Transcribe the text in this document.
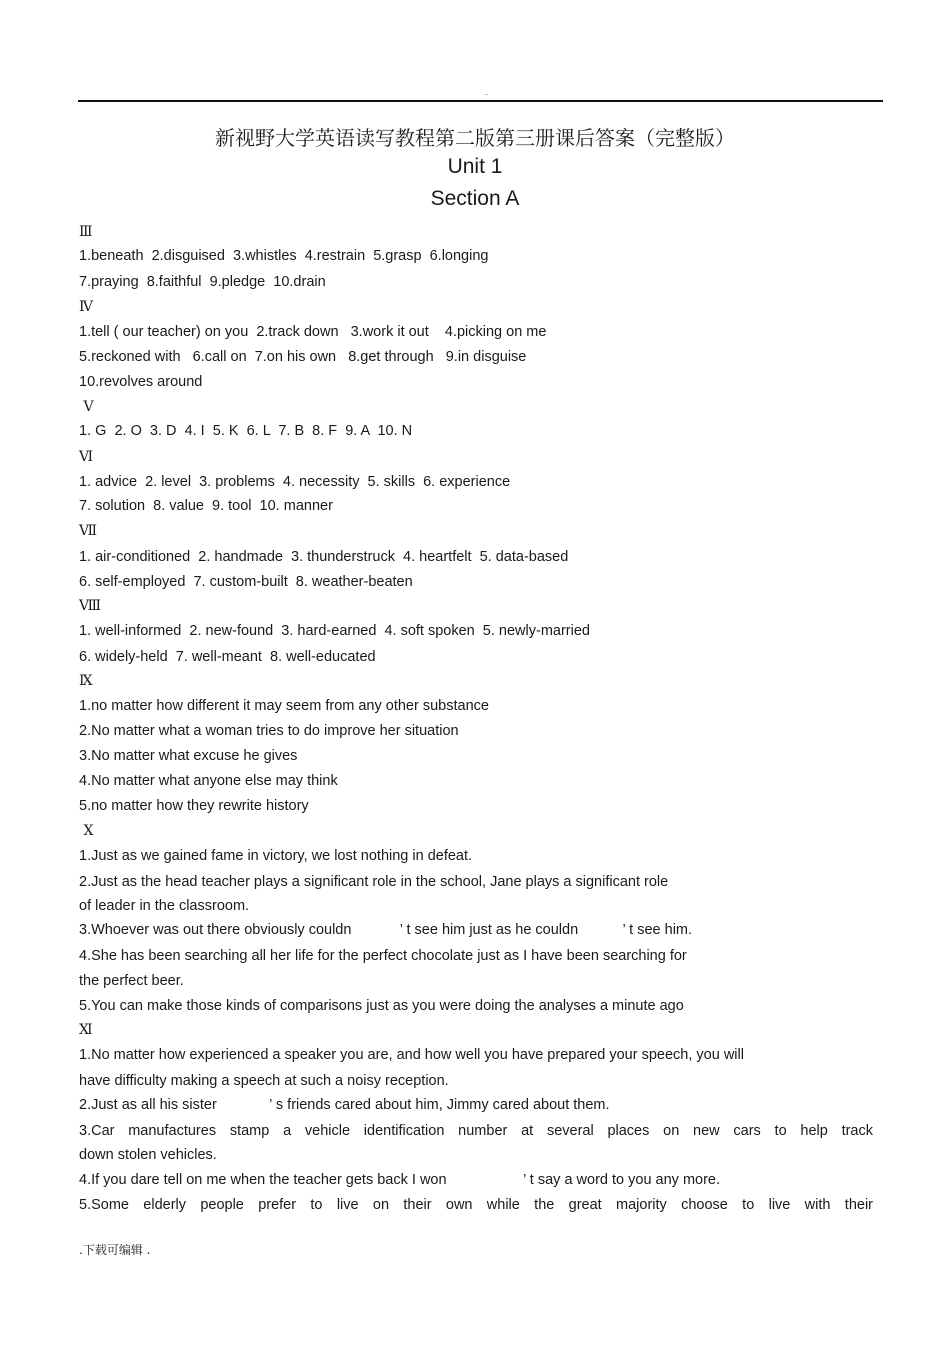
..
新视野大学英语读写教程第二版第三册课后答案（完整版）
Unit 1
Section A
Ⅲ
1.beneath  2.disguised  3.whistles  4.restrain  5.grasp  6.longing
7.praying  8.faithful  9.pledge  10.drain
Ⅳ
1.tell ( our teacher) on you  2.track down   3.work it out    4.picking on me
5.reckoned with   6.call on  7.on his own   8.get through   9.in disguise
10.revolves around
Ⅴ
1. G  2. O  3. D  4. I  5. K  6. L  7. B  8. F  9. A  10. N
Ⅵ
1. advice  2. level  3. problems  4. necessity  5. skills  6. experience
7. solution  8. value  9. tool  10. manner
Ⅶ
1. air-conditioned  2. handmade  3. thunderstruck  4. heartfelt  5. data-based
6. self-employed  7. custom-built  8. weather-beaten
Ⅷ
1. well-informed  2. new-found  3. hard-earned  4. soft spoken  5. newly-married
6. widely-held  7. well-meant  8. well-educated
Ⅸ
1.no matter how different it may seem from any other substance
2.No matter what a woman tries to do improve her situation
3.No matter what excuse he gives
4.No matter what anyone else may think
5.no matter how they rewrite history
Ⅹ
1.Just as we gained fame in victory, we lost nothing in defeat.
2.Just as the head teacher plays a significant role in the school, Jane plays a significant role
of leader in the classroom.
3.Whoever was out there obviously couldn            ’ t see him just as he couldn           ’ t see him.
4.She has been searching all her life for the perfect chocolate just as I have been searching for
the perfect beer.
5.You can make those kinds of comparisons just as you were doing the analyses a minute ago
Ⅺ
1.No matter how experienced a speaker you are, and how well you have prepared your speech, you will
have difficulty making a speech at such a noisy reception.
2.Just as all his sister             ’ s friends cared about him, Jimmy cared about them.
3.Car manufactures stamp a vehicle identification number at several places on new cars to help track
down stolen vehicles.
4.If you dare tell on me when the teacher gets back I won                   ’ t say a word to you any more.
5.Some elderly people prefer to live on their own while the great majority choose to live with their
.下载可编辑 .
